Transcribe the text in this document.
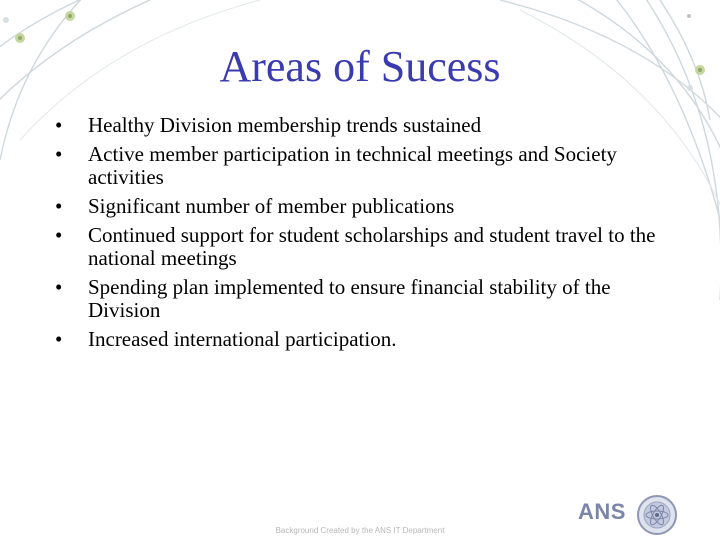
Areas of Sucess
•	Healthy Division membership trends sustained
•	Active member participation in technical meetings and Society activities
•	Significant number of member publications
•	Continued support for student scholarships and student travel to the national meetings
•	Spending plan implemented to ensure financial stability of the Division
•	Increased international participation.
Background Created by the ANS IT Department
ANS
